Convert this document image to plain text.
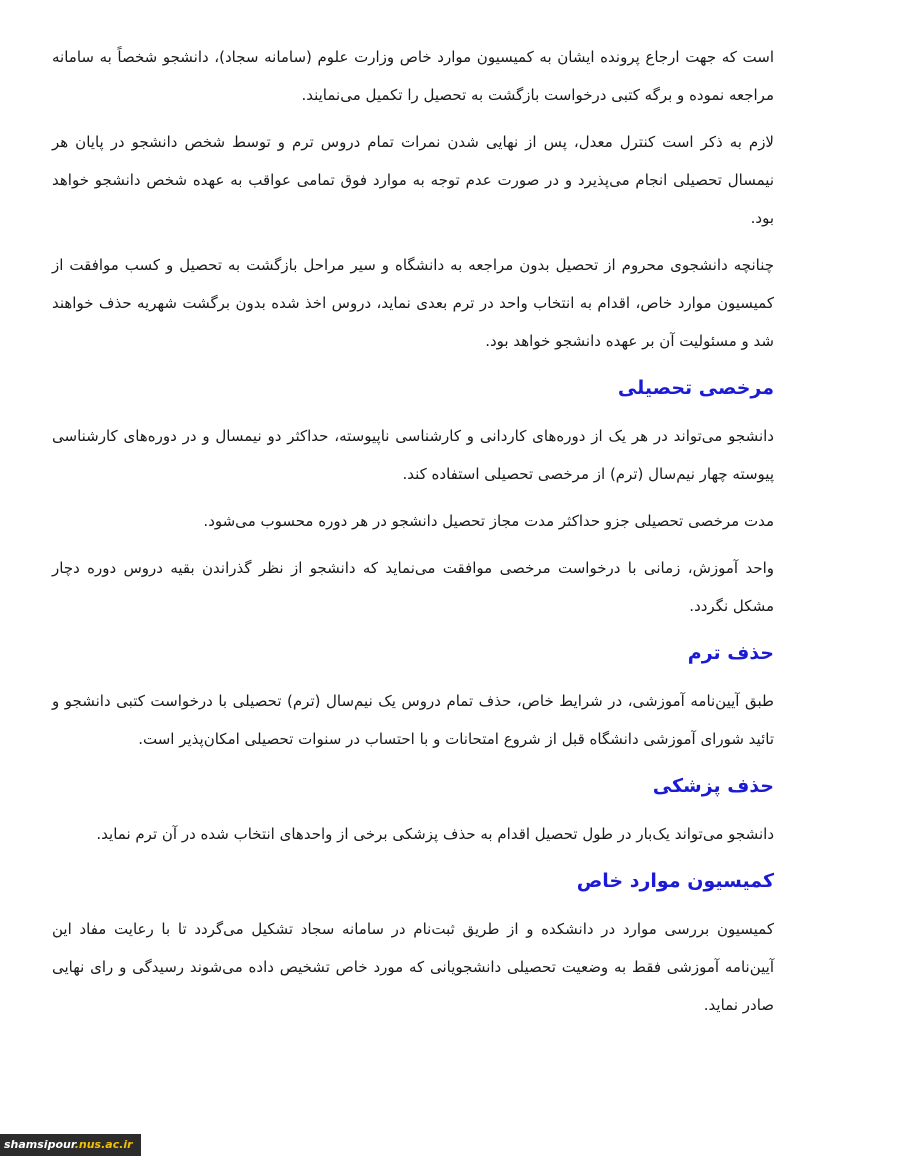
است که جهت ارجاع پرونده ایشان به کمیسیون موارد خاص وزارت علوم (سامانه سجاد)، دانشجو شخصاً به سامانه مراجعه نموده و برگه کتبی درخواست بازگشت به تحصیل را تکمیل می‌نمایند.

لازم به ذکر است کنترل معدل، پس از نهایی شدن نمرات تمام دروس ترم و توسط شخص دانشجو در پایان هر نیمسال تحصیلی انجام می‌پذیرد و در صورت عدم توجه به موارد فوق تمامی عواقب به عهده شخص دانشجو خواهد بود.

چنانچه دانشجوی محروم از تحصیل بدون مراجعه به دانشگاه و سیر مراحل بازگشت به تحصیل و کسب موافقت از کمیسیون موارد خاص، اقدام به انتخاب واحد در ترم بعدی نماید، دروس اخذ شده بدون برگشت شهریه حذف خواهند شد و مسئولیت آن بر عهده دانشجو خواهد بود.

مرخصی تحصیلی

دانشجو می‌تواند در هر یک از دوره‌های کاردانی و کارشناسی ناپیوسته، حداکثر دو نیمسال و در دوره‌های کارشناسی پیوسته چهار نیم‌سال (ترم) از مرخصی تحصیلی استفاده کند.

مدت مرخصی تحصیلی جزو حداکثر مدت مجاز تحصیل دانشجو در هر دوره محسوب می‌شود.

واحد آموزش، زمانی با درخواست مرخصی موافقت می‌نماید که دانشجو از نظر گذراندن بقیه دروس دوره دچار مشکل نگردد.

حذف ترم

طبق آیین‌نامه آموزشی، در شرایط خاص، حذف تمام دروس یک نیم‌سال (ترم) تحصیلی با درخواست کتبی دانشجو و تائید شورای آموزشی دانشگاه قبل از شروع امتحانات و با احتساب در سنوات تحصیلی امکان‌پذیر است.

حذف پزشکی

دانشجو می‌تواند یک‌بار در طول تحصیل اقدام به حذف پزشکی برخی از واحدهای انتخاب شده در آن ترم نماید.

کمیسیون موارد خاص

کمیسیون بررسی موارد در دانشکده و از طریق ثبت‌نام در سامانه سجاد تشکیل می‌گردد تا با رعایت مفاد این آیین‌نامه آموزشی فقط به وضعیت تحصیلی دانشجویانی که مورد خاص تشخیص داده می‌شوند رسیدگی و رای نهایی صادر نماید.

shamsipour.nus.ac.ir
